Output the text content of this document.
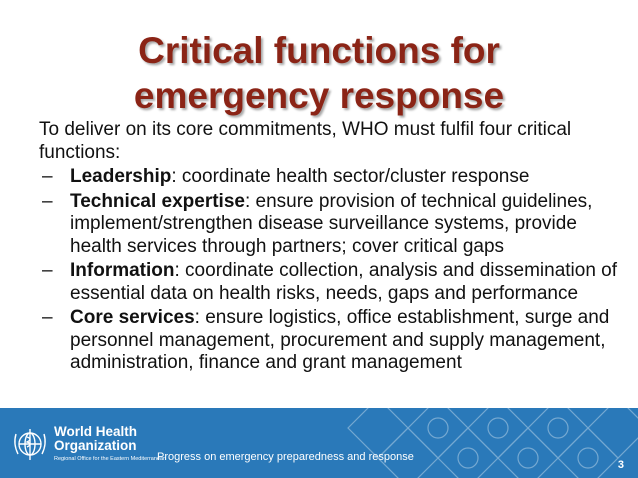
Critical functions for
emergency response
To deliver on its core commitments, WHO must fulfil four critical functions:
– Leadership: coordinate health sector/cluster response
– Technical expertise: ensure provision of technical guidelines, implement/strengthen disease surveillance systems, provide health services through partners; cover critical gaps
– Information: coordinate collection, analysis and dissemination of essential data on health risks, needs, gaps and performance
– Core services: ensure logistics, office establishment, surge and personnel management, procurement and supply management, administration, finance and grant management
World Health
Organization
Regional Office for the Eastern Mediterranean
Progress on emergency preparedness and response
3
